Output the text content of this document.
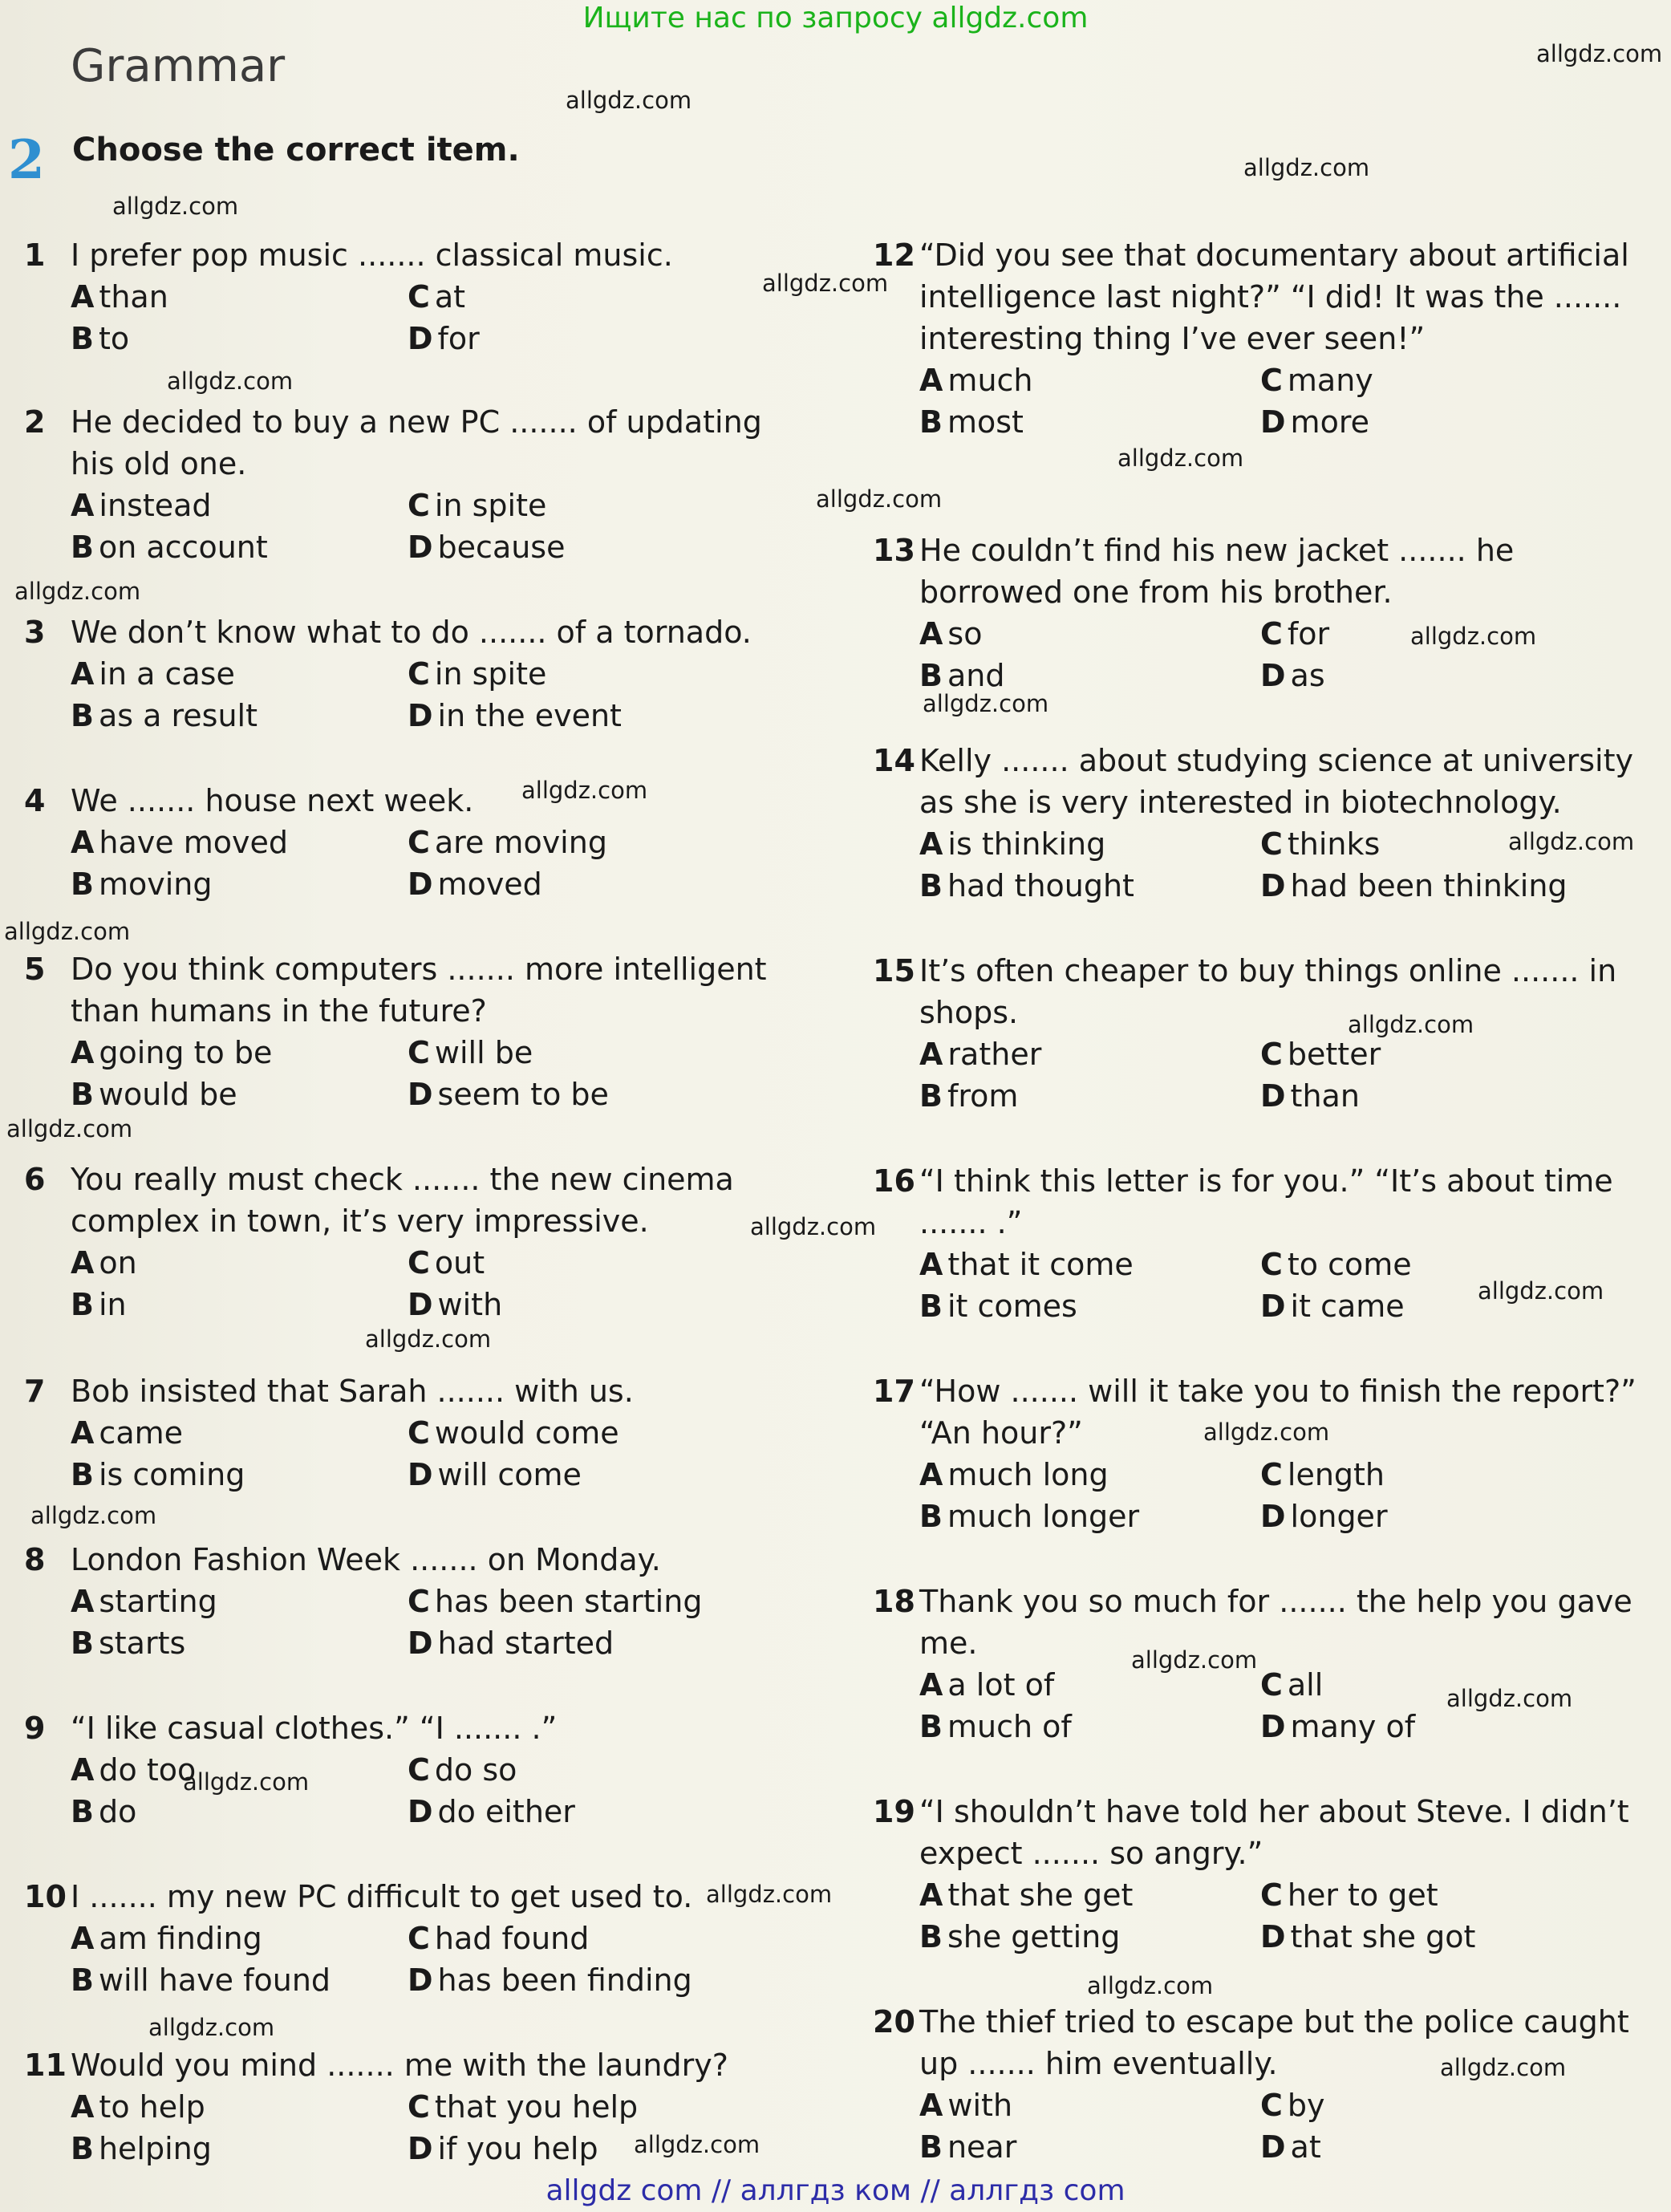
Ищите нас по запросу allgdz.com
Grammar
2 Choose the correct item.
1 I prefer pop music ....... classical music.
A than	C at
B to	D for
2 He decided to buy a new PC ....... of updating his old one.
A instead	C in spite
B on account	D because
3 We don’t know what to do ....... of a tornado.
A in a case	C in spite
B as a result	D in the event
4 We ....... house next week.
A have moved	C are moving
B moving	D moved
5 Do you think computers ....... more intelligent than humans in the future?
A going to be	C will be
B would be	D seem to be
6 You really must check ....... the new cinema complex in town, it’s very impressive.
A on	C out
B in	D with
7 Bob insisted that Sarah ....... with us.
A came	C would come
B is coming	D will come
8 London Fashion Week ....... on Monday.
A starting	C has been starting
B starts	D had started
9 “I like casual clothes.” “I ....... .”
A do too	C do so
B do	D do either
10 I ....... my new PC difficult to get used to.
A am finding	C had found
B will have found	D has been finding
11 Would you mind ....... me with the laundry?
A to help	C that you help
B helping	D if you help
12 “Did you see that documentary about artificial intelligence last night?” “I did! It was the ....... interesting thing I’ve ever seen!”
A much	C many
B most	D more
13 He couldn’t find his new jacket ....... he borrowed one from his brother.
A so	C for
B and	D as
14 Kelly ....... about studying science at university as she is very interested in biotechnology.
A is thinking	C thinks
B had thought	D had been thinking
15 It’s often cheaper to buy things online ....... in shops.
A rather	C better
B from	D than
16 “I think this letter is for you.” “It’s about time ....... .”
A that it come	C to come
B it comes	D it came
17 “How ....... will it take you to finish the report?” “An hour?”
A much long	C length
B much longer	D longer
18 Thank you so much for ....... the help you gave me.
A a lot of	C all
B much of	D many of
19 “I shouldn’t have told her about Steve. I didn’t expect ....... so angry.”
A that she get	C her to get
B she getting	D that she got
20 The thief tried to escape but the police caught up ....... him eventually.
A with	C by
B near	D at
allgdz.com
allgdz.com
allgdz.com
allgdz.com
allgdz.com
allgdz.com
allgdz.com
allgdz.com
allgdz.com
allgdz.com
allgdz.com
allgdz.com
allgdz.com
allgdz.com
allgdz.com
allgdz.com
allgdz.com
allgdz.com
allgdz.com
allgdz.com
allgdz.com
allgdz.com
allgdz.com
allgdz.com
allgdz.com
allgdz.com
allgdz.com
allgdz.com
allgdz.com
allgdz com // аллгдз ком // аллгдз com
